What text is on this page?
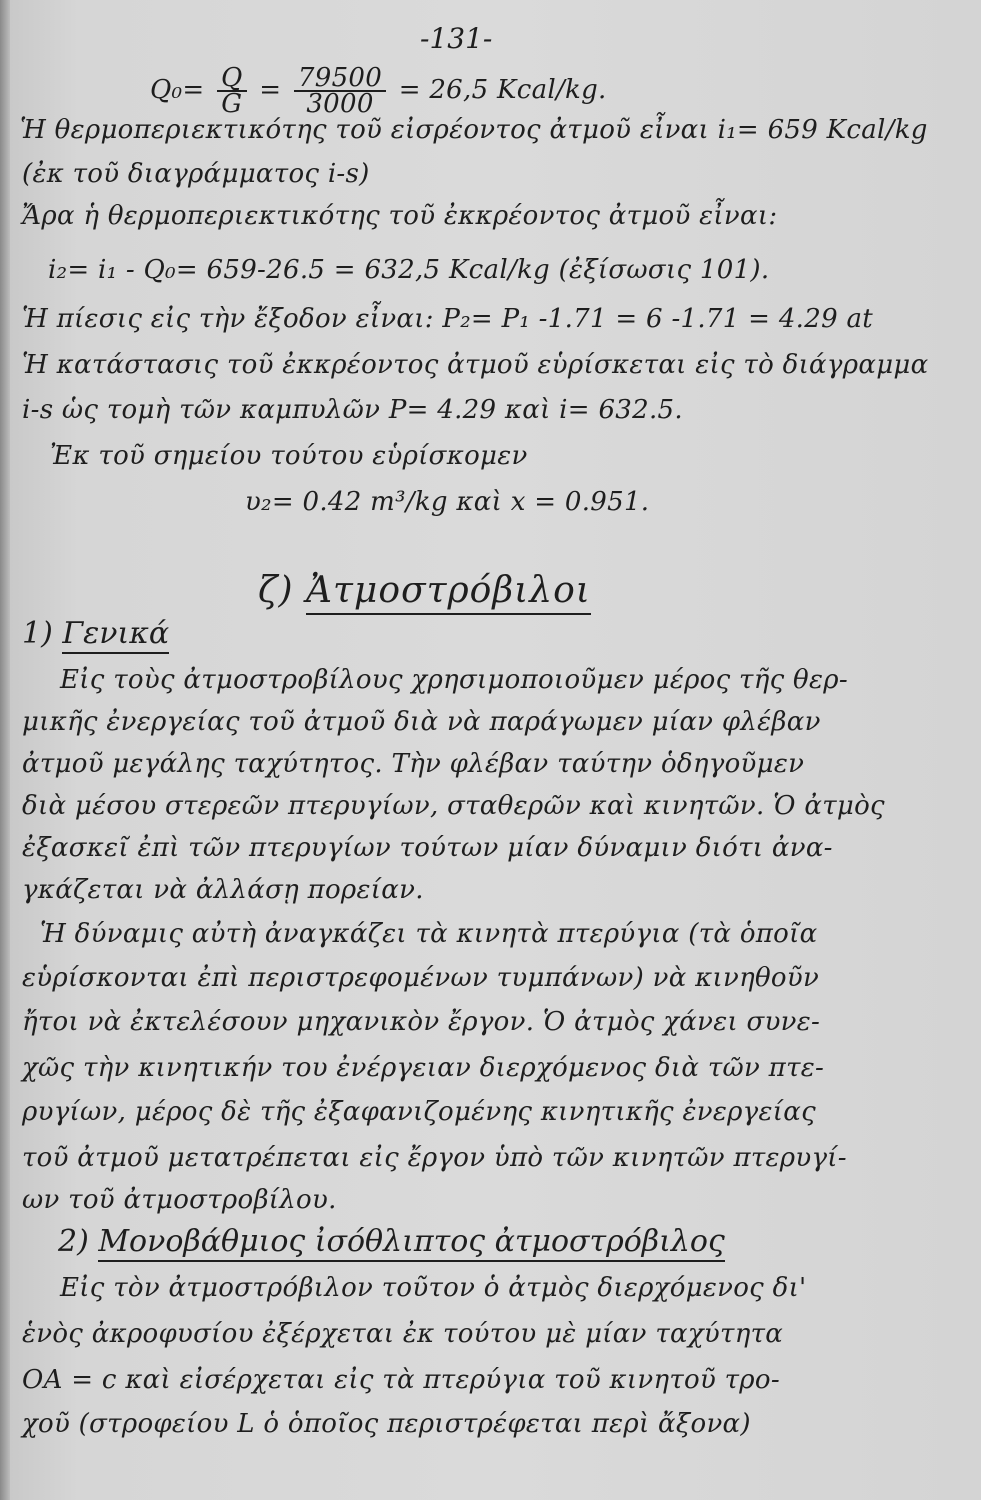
-131-
$Q_0= \frac{Q}{G} = \frac{79500}{3000} = 26,5$ Kcal/kg.
Ἡ θερμοπεριεκτικότης τοῦ εἰσρέοντος ἀτμοῦ εἶναι i₁= 659 Kcal/kg
(ἐκ τοῦ διαγράμματος i-s)
Ἄρα ἡ θερμοπεριεκτικότης τοῦ ἐκκρέοντος ἀτμοῦ εἶναι:
i₂= i₁ - Q₀= 659-26.5 = 632,5 Kcal/kg (ἐξίσωσις 101).
Ἡ πίεσις εἰς τὴν ἔξοδον εἶναι: P₂= P₁ -1.71 = 6 -1.71 = 4.29 at
Ἡ κατάστασις τοῦ ἐκκρέοντος ἀτμοῦ εὑρίσκεται εἰς τὸ διάγραμμα
i-s ὡς τομὴ τῶν καμπυλῶν P= 4.29 καὶ i= 632.5.
Ἐκ τοῦ σημείου τούτου εὑρίσκομεν
υ₂= 0.42 m³/kg καὶ x = 0.951.
ζ) Ἀτμοστρόβιλοι
1) Γενικά
Εἰς τοὺς ἀτμοστροβίλους χρησιμοποιοῦμεν μέρος τῆς θερ-
μικῆς ἐνεργείας τοῦ ἀτμοῦ διὰ νὰ παράγωμεν μίαν φλέβαν
ἀτμοῦ μεγάλης ταχύτητος. Τὴν φλέβαν ταύτην ὁδηγοῦμεν
διὰ μέσου στερεῶν πτερυγίων, σταθερῶν καὶ κινητῶν. Ὁ ἀτμὸς
ἐξασκεῖ ἐπὶ τῶν πτερυγίων τούτων μίαν δύναμιν διότι ἀνα-
γκάζεται νὰ ἀλλάσῃ πορείαν.
Ἡ δύναμις αὐτὴ ἀναγκάζει τὰ κινητὰ πτερύγια (τὰ ὁποῖα
εὑρίσκονται ἐπὶ περιστρεφομένων τυμπάνων) νὰ κινηθοῦν
ἤτοι νὰ ἐκτελέσουν μηχανικὸν ἔργον. Ὁ ἀτμὸς χάνει συνε-
χῶς τὴν κινητικήν του ἐνέργειαν διερχόμενος διὰ τῶν πτε-
ρυγίων, μέρος δὲ τῆς ἐξαφανιζομένης κινητικῆς ἐνεργείας
τοῦ ἀτμοῦ μετατρέπεται εἰς ἔργον ὑπὸ τῶν κινητῶν πτερυγί-
ων τοῦ ἀτμοστροβίλου.
2) Μονοβάθμιος ἰσόθλιπτος ἀτμοστρόβιλος
Εἰς τὸν ἀτμοστρόβιλον τοῦτον ὁ ἀτμὸς διερχόμενος δι'
ἑνὸς ἀκροφυσίου ἐξέρχεται ἐκ τούτου μὲ μίαν ταχύτητα
ΟΑ = c καὶ εἰσέρχεται εἰς τὰ πτερύγια τοῦ κινητοῦ τρο-
χοῦ (στροφείου L ὁ ὁποῖος περιστρέφεται περὶ ἄξονα)
